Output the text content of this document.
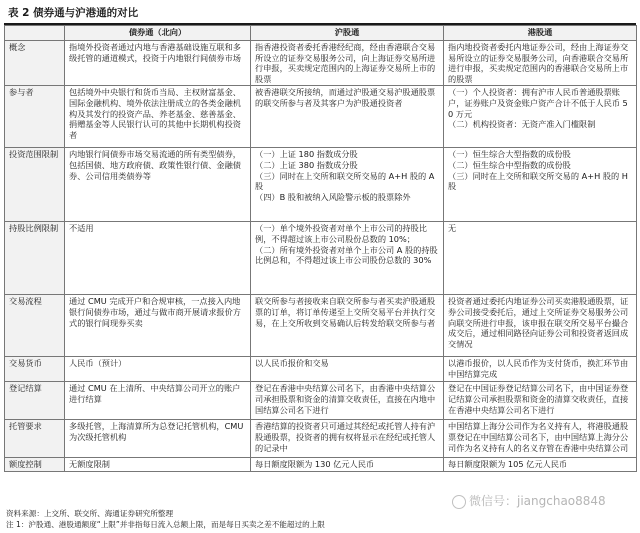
表 2 债券通与沪港通的对比
	债券通（北向）	沪股通	港股通
概念	指境外投资者通过内地与香港基础设施互联和多级托管的通道模式，投资于内地银行间债券市场	指香港投资者委托香港经纪商，经由香港联合交易所设立的证券交易服务公司，向上海证券交易所进行申报，买卖规定范围内的上海证券交易所上市的股票	指内地投资者委托内地证券公司，经由上海证券交易所设立的证券交易服务公司，向香港联合交易所进行申报，买卖规定范围内的香港联合交易所上市的股票
参与者	包括境外中央银行和货币当局、主权财富基金、国际金融机构、境外依法注册成立的各类金融机构及其发行的投资产品、养老基金、慈善基金、捐赠基金等人民银行认可的其他中长期机构投资者	被香港联交所接纳，而通过沪股通交易沪股通股票的联交所参与者及其客户为沪股通投资者	（一）个人投资者：拥有沪市人民币普通股票账户，证券账户及资金账户资产合计不低于人民币 50 万元
（二）机构投资者：无资产准入门槛限制
投资范围限制	内地银行间债券市场交易流通的所有类型债券，包括国债、地方政府债、政策性银行债、金融债券、公司信用类债券等	（一）上证 180 指数成分股
（二）上证 380 指数成分股
（三）同时在上交所和联交所交易的 A+H 股的 A 股
（四）B 股和被纳入风险警示板的股票除外	（一）恒生综合大型指数的成份股
（二）恒生综合中型指数的成份股
（三）同时在上交所和联交所交易的 A+H 股的 H 股
持股比例限制	不适用	（一）单个境外投资者对单个上市公司的持股比例，不得超过该上市公司股份总数的 10%；
（二）所有境外投资者对单个上市公司 A 股的持股比例总和，不得超过该上市公司股份总数的 30%	无
交易流程	通过 CMU 完成开户和合规审核，一点接入内地银行间债券市场，通过与做市商开展请求报价方式的银行间现券买卖	联交所参与者接收来自联交所参与者买卖沪股通股票的订单，将订单传递至上交所交易平台并执行交易，在上交所收到交易确认后转发给联交所参与者	投资者通过委托内地证券公司买卖港股通股票，证券公司接受委托后，通过上交所证券交易服务公司向联交所进行申报，该申报在联交所交易平台撮合成交后，通过相同路径向证券公司和投资者返回成交情况
交易货币	人民币（预计）	以人民币报价和交易	以港币报价，以人民币作为支付货币，换汇环节由中国结算完成
登记结算	通过 CMU 在上清所、中央结算公司开立的账户进行结算	登记在香港中央结算公司名下，由香港中央结算公司承担股票和资金的清算交收责任，直接在内地中国结算公司名下进行	登记在中国证券登记结算公司名下，由中国证券登记结算公司承担股票和资金的清算交收责任，直接在香港中央结算公司名下进行
托管要求	多级托管，上海清算所为总登记托管机构，CMU 为次级托管机构	香港结算的投资者只可通过其经纪或托管人持有沪股通股票，投资者的拥有权将显示在经纪或托管人的记录中	中国结算上海分公司作为名义持有人，将港股通股票登记在中国结算公司名下，由中国结算上海分公司作为名义持有人的名义存管在香港中央结算公司
额度控制	无额度限制	每日额度限额为 130 亿元人民币	每日额度限额为 105 亿元人民币
资料来源：上交所、联交所、海通证券研究所整理
注 1：沪股通、港股通额度“上限”并非指每日流入总额上限，而是每日买卖之差不能超过的上限
微信号：jiangchao8848
